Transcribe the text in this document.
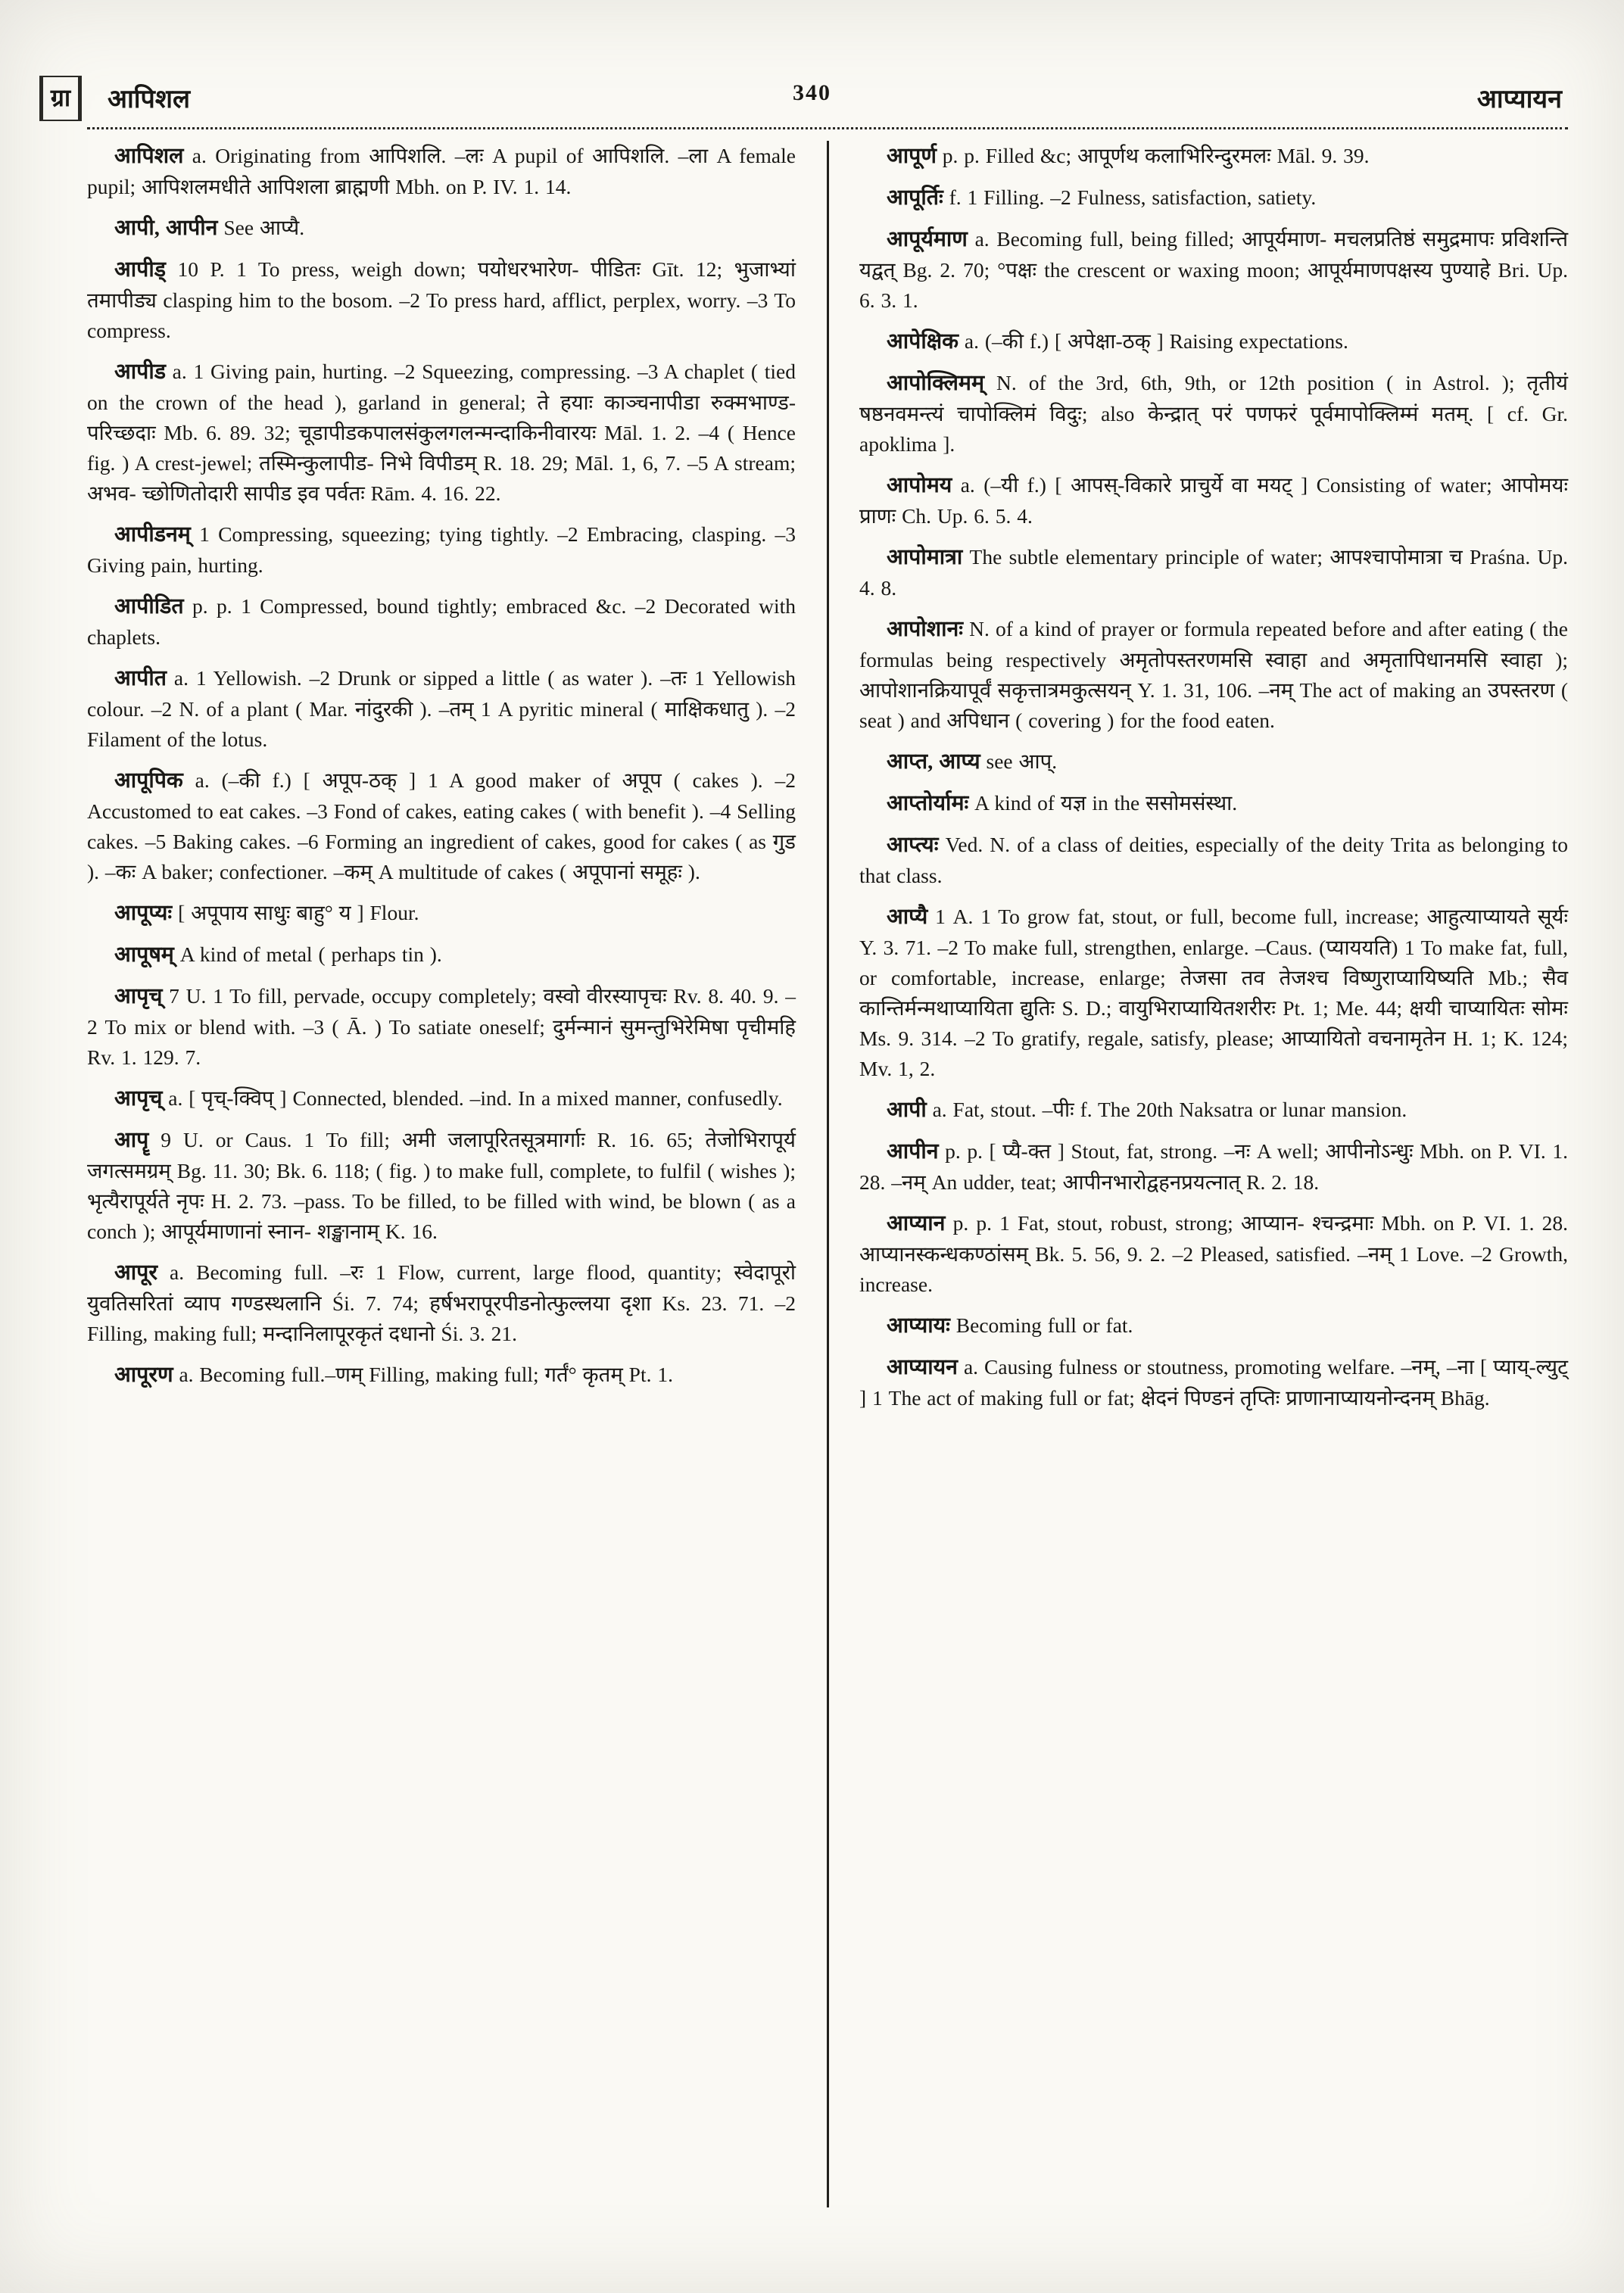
ग्रा	आपिशल	340	आप्यायन

आपिशल a. Originating from आपिशलि. –लः A pupil of आपिशलि. –ला A female pupil; आपिशलमधीते आपिशला ब्राह्मणी Mbh. on P. IV. 1. 14.

आपी, आपीन See आप्यै.

आपीड् 10 P. 1 To press, weigh down; पयोधरभारेण- पीडितः Gīt. 12; भुजाभ्यां तमापीड्य clasping him to the bosom. –2 To press hard, afflict, perplex, worry. –3 To compress.

आपीड a. 1 Giving pain, hurting. –2 Squeezing, compressing. –3 A chaplet ( tied on the crown of the head ), garland in general; ते हयाः काञ्चनापीडा रुक्मभाण्ड- परिच्छदाः Mb. 6. 89. 32; चूडापीडकपालसंकुलगलन्मन्दाकिनीवारयः Māl. 1. 2. –4 ( Hence fig. ) A crest-jewel; तस्मिन्कुलापीड- निभे विपीडम् R. 18. 29; Māl. 1, 6, 7. –5 A stream; अभव- च्छोणितोदारी सापीड इव पर्वतः Rām. 4. 16. 22.

आपीडनम् 1 Compressing, squeezing; tying tightly. –2 Embracing, clasping. –3 Giving pain, hurting.

आपीडित p. p. 1 Compressed, bound tightly; embraced &c. –2 Decorated with chaplets.

आपीत a. 1 Yellowish. –2 Drunk or sipped a little ( as water ). –तः 1 Yellowish colour. –2 N. of a plant ( Mar. नांदुरकी ). –तम् 1 A pyritic mineral ( माक्षिकधातु ). –2 Filament of the lotus.

आपूपिक a. (–की f.) [ अपूप-ठक् ] 1 A good maker of अपूप ( cakes ). –2 Accustomed to eat cakes. –3 Fond of cakes, eating cakes ( with benefit ). –4 Selling cakes. –5 Baking cakes. –6 Forming an ingredient of cakes, good for cakes ( as गुड ). –कः A baker; confectioner. –कम् A multitude of cakes ( अपूपानां समूहः ).

आपूप्यः [ अपूपाय साधुः बाहु° य ] Flour.

आपूषम् A kind of metal ( perhaps tin ).

आपृच् 7 U. 1 To fill, pervade, occupy completely; वस्वो वीरस्यापृचः Rv. 8. 40. 9. –2 To mix or blend with. –3 ( Ā. ) To satiate oneself; दुर्मन्मानं सुमन्तुभिरेमिषा पृचीमहि Rv. 1. 129. 7.

आपृच् a. [ पृच्-क्विप् ] Connected, blended. –ind. In a mixed manner, confusedly.

आपॄ 9 U. or Caus. 1 To fill; अमी जलापूरितसूत्रमार्गाः R. 16. 65; तेजोभिरापूर्य जगत्समग्रम् Bg. 11. 30; Bk. 6. 118; ( fig. ) to make full, complete, to fulfil ( wishes ); भृत्यैरापूर्यते नृपः H. 2. 73. –pass. To be filled, to be filled with wind, be blown ( as a conch ); आपूर्यमाणानां स्नान- शङ्खानाम् K. 16.

आपूर a. Becoming full. –रः 1 Flow, current, large flood, quantity; स्वेदापूरो युवतिसरितां व्याप गण्डस्थलानि Śi. 7. 74; हर्षभरापूरपीडनोत्फुल्लया दृशा Ks. 23. 71. –2 Filling, making full; मन्दानिलापूरकृतं दधानो Śi. 3. 21.

आपूरण a. Becoming full.–णम् Filling, making full; गर्तं° कृतम् Pt. 1.

आपूर्ण p. p. Filled &c; आपूर्णथ कलाभिरिन्दुरमलः Māl. 9. 39.

आपूर्तिः f. 1 Filling. –2 Fulness, satisfaction, satiety.

आपूर्यमाण a. Becoming full, being filled; आपूर्यमाण- मचलप्रतिष्ठं समुद्रमापः प्रविशन्ति यद्वत् Bg. 2. 70; °पक्षः the crescent or waxing moon; आपूर्यमाणपक्षस्य पुण्याहे Bri. Up. 6. 3. 1.

आपेक्षिक a. (–की f.) [ अपेक्षा-ठक् ] Raising expectations.

आपोक्लिमम् N. of the 3rd, 6th, 9th, or 12th position ( in Astrol. ); तृतीयं षष्ठनवमन्त्यं चापोक्लिमं विदुः; also केन्द्रात् परं पणफरं पूर्वमापोक्लिम्मं मतम्. [ cf. Gr. apoklima ].

आपोमय a. (–यी f.) [ आपस्-विकारे प्राचुर्ये वा मयट् ] Consisting of water; आपोमयः प्राणः Ch. Up. 6. 5. 4.

आपोमात्रा The subtle elementary principle of water; आपश्चापोमात्रा च Praśna. Up. 4. 8.

आपोशानः N. of a kind of prayer or formula repeated before and after eating ( the formulas being respectively अमृतोपस्तरणमसि स्वाहा and अमृतापिधानमसि स्वाहा ); आपोशानक्रियापूर्वं सकृत्तात्रमकुत्सयन् Y. 1. 31, 106. –नम् The act of making an उपस्तरण ( seat ) and अपिधान ( covering ) for the food eaten.

आप्त, आप्य see आप्.

आप्तोर्यामः A kind of यज्ञ in the ससोमसंस्था.

आप्त्यः Ved. N. of a class of deities, especially of the deity Trita as belonging to that class.

आप्यै 1 A. 1 To grow fat, stout, or full, become full, increase; आहुत्याप्यायते सूर्यः Y. 3. 71. –2 To make full, strengthen, enlarge. –Caus. (प्याययति) 1 To make fat, full, or comfortable, increase, enlarge; तेजसा तव तेजश्च विष्णुराप्यायिष्यति Mb.; सैव कान्तिर्मन्मथाप्यायिता द्युतिः S. D.; वायुभिराप्यायितशरीरः Pt. 1; Me. 44; क्षयी चाप्यायितः सोमः Ms. 9. 314. –2 To gratify, regale, satisfy, please; आप्यायितो वचनामृतेन H. 1; K. 124; Mv. 1, 2.

आपी a. Fat, stout. –पीः f. The 20th Naksatra or lunar mansion.

आपीन p. p. [ प्यै-क्त ] Stout, fat, strong. –नः A well; आपीनोऽन्धुः Mbh. on P. VI. 1. 28. –नम् An udder, teat; आपीनभारोद्वहनप्रयत्नात् R. 2. 18.

आप्यान p. p. 1 Fat, stout, robust, strong; आप्यान- श्चन्द्रमाः Mbh. on P. VI. 1. 28. आप्यानस्कन्धकण्ठांसम् Bk. 5. 56, 9. 2. –2 Pleased, satisfied. –नम् 1 Love. –2 Growth, increase.

आप्यायः Becoming full or fat.

आप्यायन a. Causing fulness or stoutness, promoting welfare. –नम्, –ना [ प्याय्-ल्युट् ] 1 The act of making full or fat; क्षेदनं पिण्डनं तृप्तिः प्राणानाप्यायनोन्दनम् Bhāg.
